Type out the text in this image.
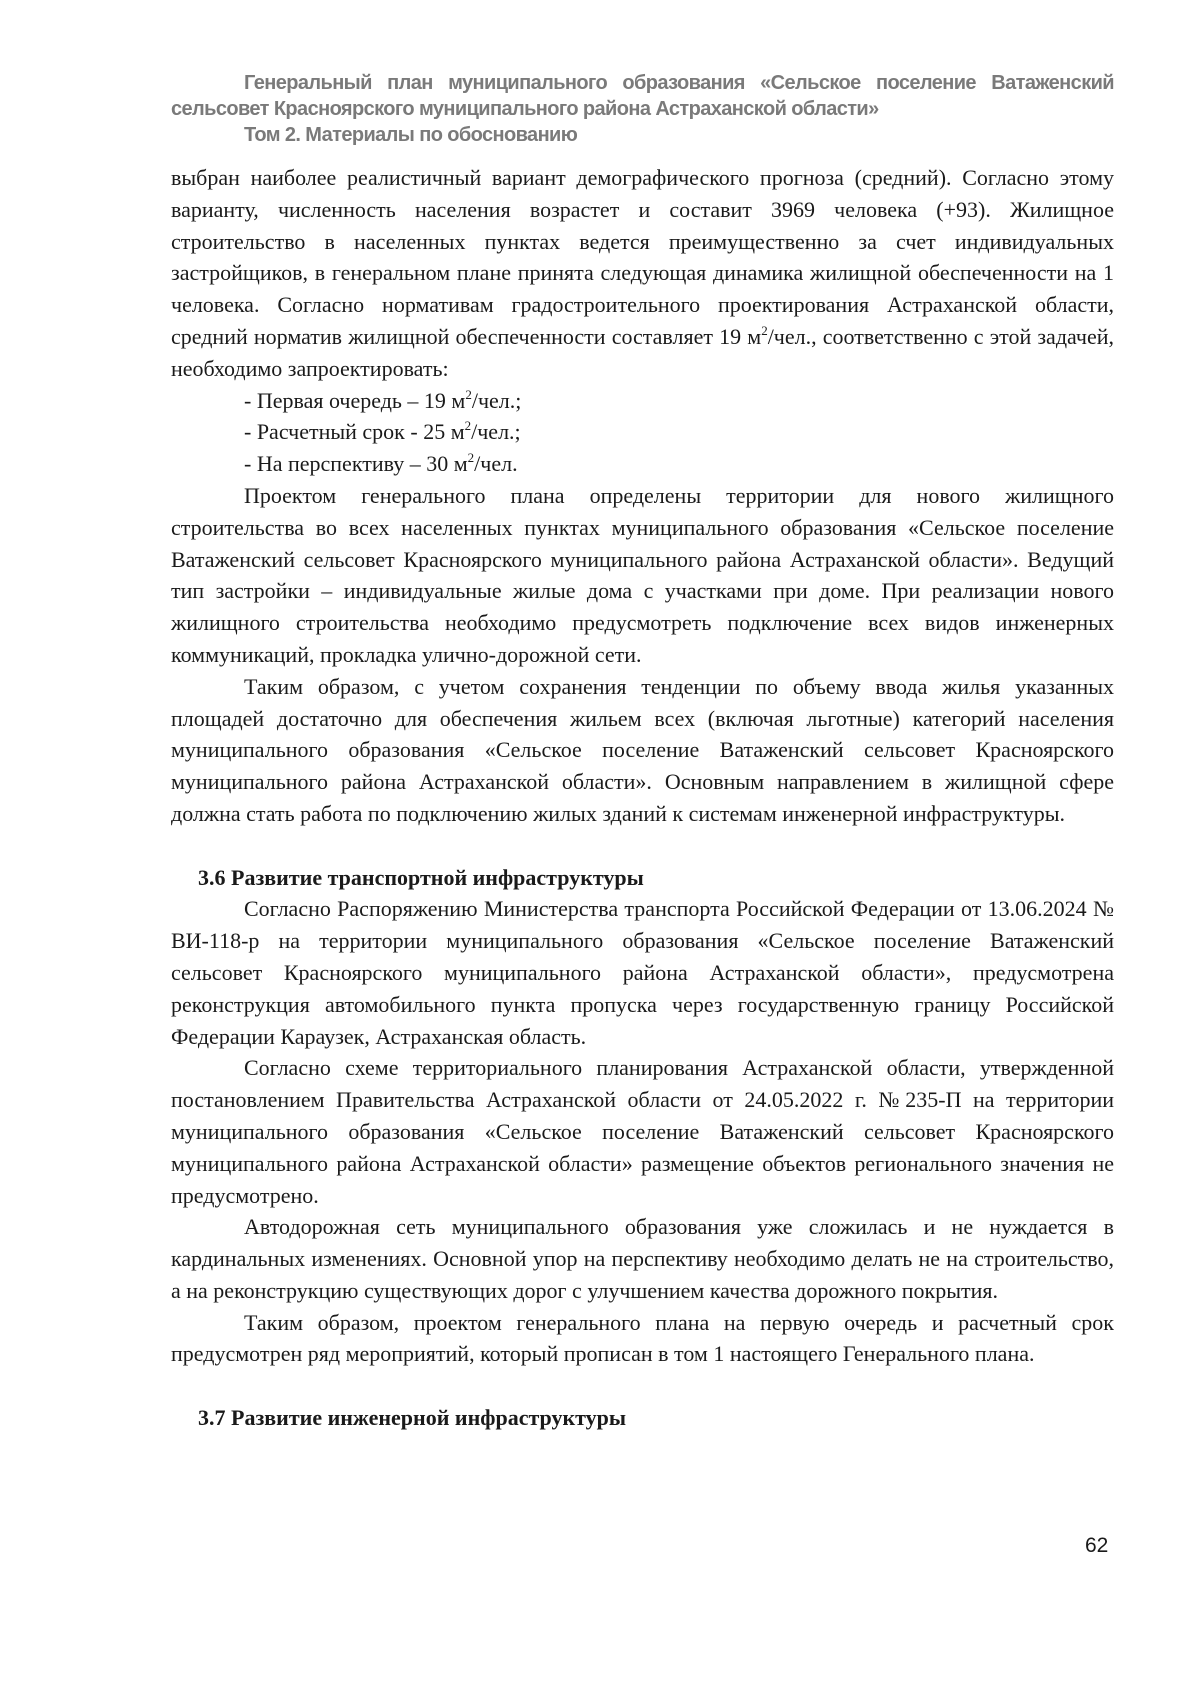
Генеральный план муниципального образования «Сельское поселение Ватаженский
сельсовет Красноярского муниципального района Астраханской области»
Том 2. Материалы по обоснованию

выбран наиболее реалистичный вариант демографического прогноза (средний). Согласно этому варианту, численность населения возрастет и составит 3969 человека (+93). Жилищное строительство в населенных пунктах ведется преимущественно за счет индивидуальных застройщиков, в генеральном плане принята следующая динамика жилищной обеспеченности на 1 человека. Согласно нормативам градостроительного проектирования Астраханской области, средний норматив жилищной обеспеченности составляет 19 $м^2$/чел., соответственно с этой задачей, необходимо запроектировать:

- Первая очередь – 19 $м^2$/чел.;

- Расчетный срок - 25 $м^2$/чел.;

- На перспективу – 30 $м^2$/чел.

Проектом генерального плана определены территории для нового жилищного строительства во всех населенных пунктах муниципального образования «Сельское поселение Ватаженский сельсовет Красноярского муниципального района Астраханской области». Ведущий тип застройки – индивидуальные жилые дома с участками при доме. При реализации нового жилищного строительства необходимо предусмотреть подключение всех видов инженерных коммуникаций, прокладка улично-дорожной сети.

Таким образом, с учетом сохранения тенденции по объему ввода жилья указанных площадей достаточно для обеспечения жильем всех (включая льготные) категорий населения муниципального образования «Сельское поселение Ватаженский сельсовет Красноярского муниципального района Астраханской области». Основным направлением в жилищной сфере должна стать работа по подключению жилых зданий к системам инженерной инфраструктуры.

3.6 Развитие транспортной инфраструктуры

Согласно Распоряжению Министерства транспорта Российской Федерации от 13.06.2024 № ВИ-118-р на территории муниципального образования «Сельское поселение Ватаженский сельсовет Красноярского муниципального района Астраханской области», предусмотрена реконструкция автомобильного пункта пропуска через государственную границу Российской Федерации Караузек, Астраханская область.

Согласно схеме территориального планирования Астраханской области, утвержденной постановлением Правительства Астраханской области от 24.05.2022 г. №235-П на территории муниципального образования «Сельское поселение Ватаженский сельсовет Красноярского муниципального района Астраханской области» размещение объектов регионального значения не предусмотрено.

Автодорожная сеть муниципального образования уже сложилась и не нуждается в кардинальных изменениях. Основной упор на перспективу необходимо делать не на строительство, а на реконструкцию существующих дорог с улучшением качества дорожного покрытия.

Таким образом, проектом генерального плана на первую очередь и расчетный срок предусмотрен ряд мероприятий, который прописан в том 1 настоящего Генерального плана.

3.7 Развитие инженерной инфраструктуры

62
